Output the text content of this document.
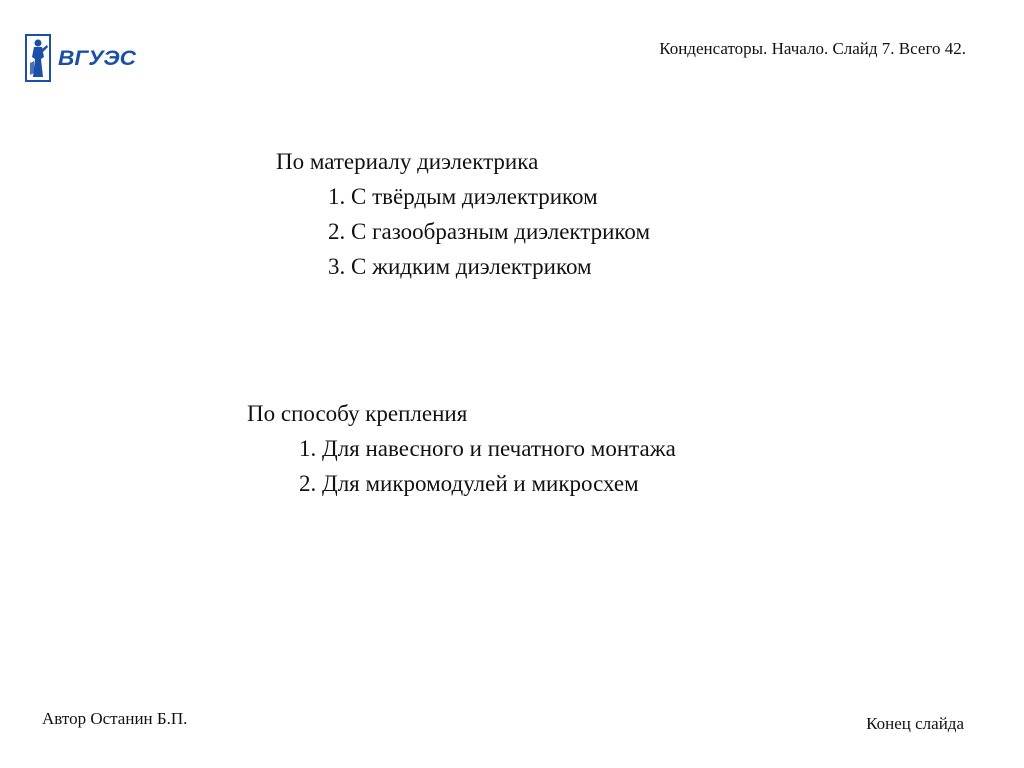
ВГУЭС	Конденсаторы. Начало. Слайд 7. Всего 42.
По материалу диэлектрика
1. С твёрдым диэлектриком
2. С газообразным диэлектриком
3. С жидким диэлектриком
По способу крепления
1. Для навесного и печатного монтажа
2. Для микромодулей и микросхем
Автор Останин Б.П.	Конец слайда
